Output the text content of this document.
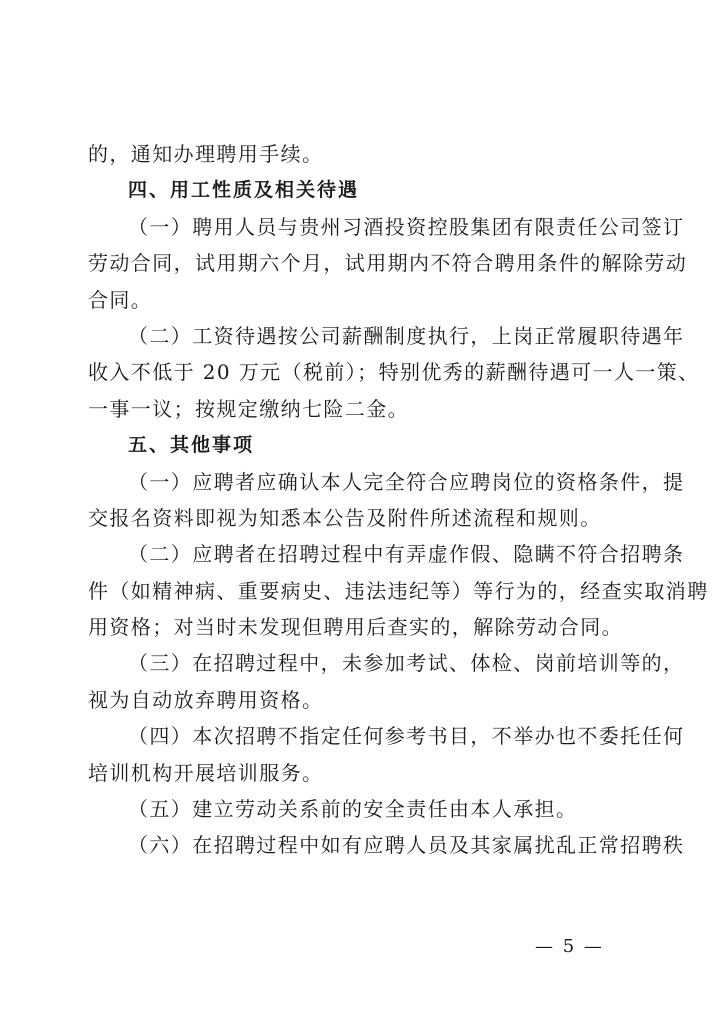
的，通知办理聘用手续。
四、用工性质及相关待遇
（一）聘用人员与贵州习酒投资控股集团有限责任公司签订
劳动合同，试用期六个月，试用期内不符合聘用条件的解除劳动
合同。
（二）工资待遇按公司薪酬制度执行，上岗正常履职待遇年
收入不低于 20 万元（税前）；特别优秀的薪酬待遇可一人一策、
一事一议；按规定缴纳七险二金。
五、其他事项
（一）应聘者应确认本人完全符合应聘岗位的资格条件，提
交报名资料即视为知悉本公告及附件所述流程和规则。
（二）应聘者在招聘过程中有弄虚作假、隐瞒不符合招聘条
件（如精神病、重要病史、违法违纪等）等行为的，经查实取消聘
用资格；对当时未发现但聘用后查实的，解除劳动合同。
（三）在招聘过程中，未参加考试、体检、岗前培训等的，
视为自动放弃聘用资格。
（四）本次招聘不指定任何参考书目，不举办也不委托任何
培训机构开展培训服务。
（五）建立劳动关系前的安全责任由本人承担。
（六）在招聘过程中如有应聘人员及其家属扰乱正常招聘秩
— 5 —
